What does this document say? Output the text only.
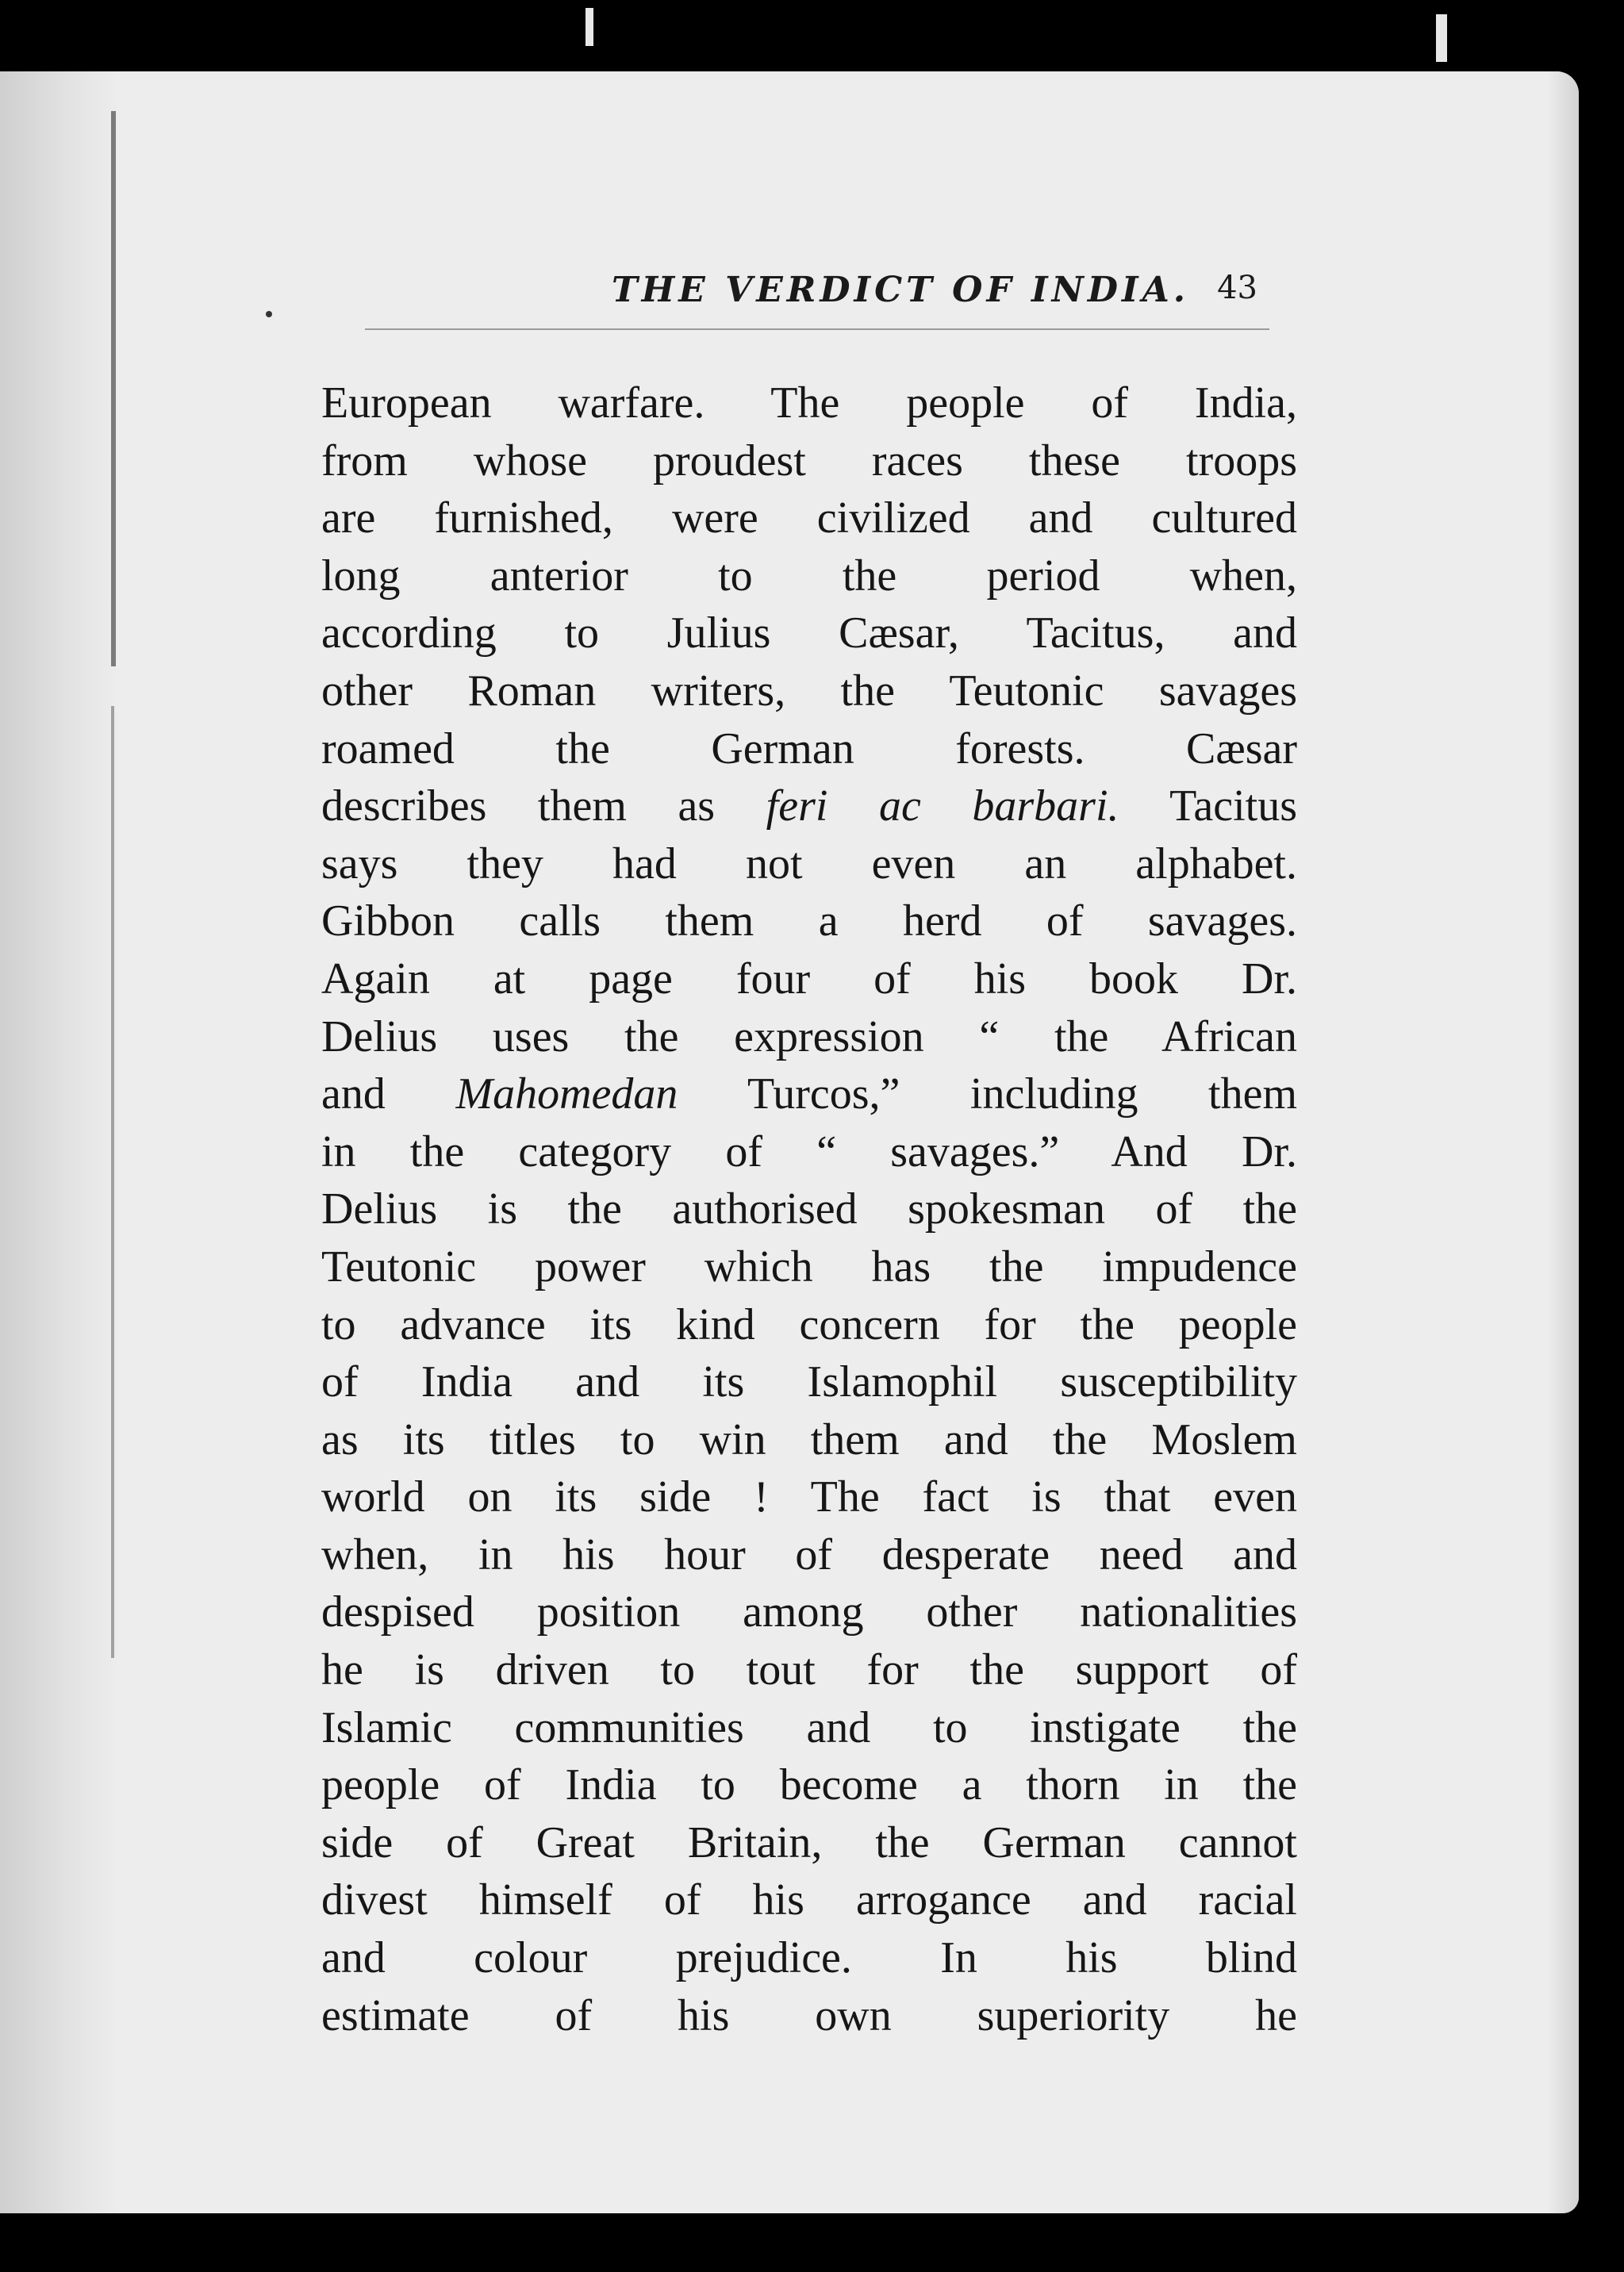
THE VERDICT OF INDIA. 43
European warfare. The people of India,
from whose proudest races these troops
are furnished, were civilized and cultured
long anterior to the period when,
according to Julius Cæsar, Tacitus, and
other Roman writers, the Teutonic savages
roamed the German forests. Cæsar
describes them as feri ac barbari. Tacitus
says they had not even an alphabet.
Gibbon calls them a herd of savages.
Again at page four of his book Dr.
Delius uses the expression “ the African
and Mahomedan Turcos,” including them
in the category of “ savages.” And Dr.
Delius is the authorised spokesman of the
Teutonic power which has the impudence
to advance its kind concern for the people
of India and its Islamophil susceptibility
as its titles to win them and the Moslem
world on its side ! The fact is that even
when, in his hour of desperate need and
despised position among other nationalities
he is driven to tout for the support of
Islamic communities and to instigate the
people of India to become a thorn in the
side of Great Britain, the German cannot
divest himself of his arrogance and racial
and colour prejudice. In his blind
estimate of his own superiority he
